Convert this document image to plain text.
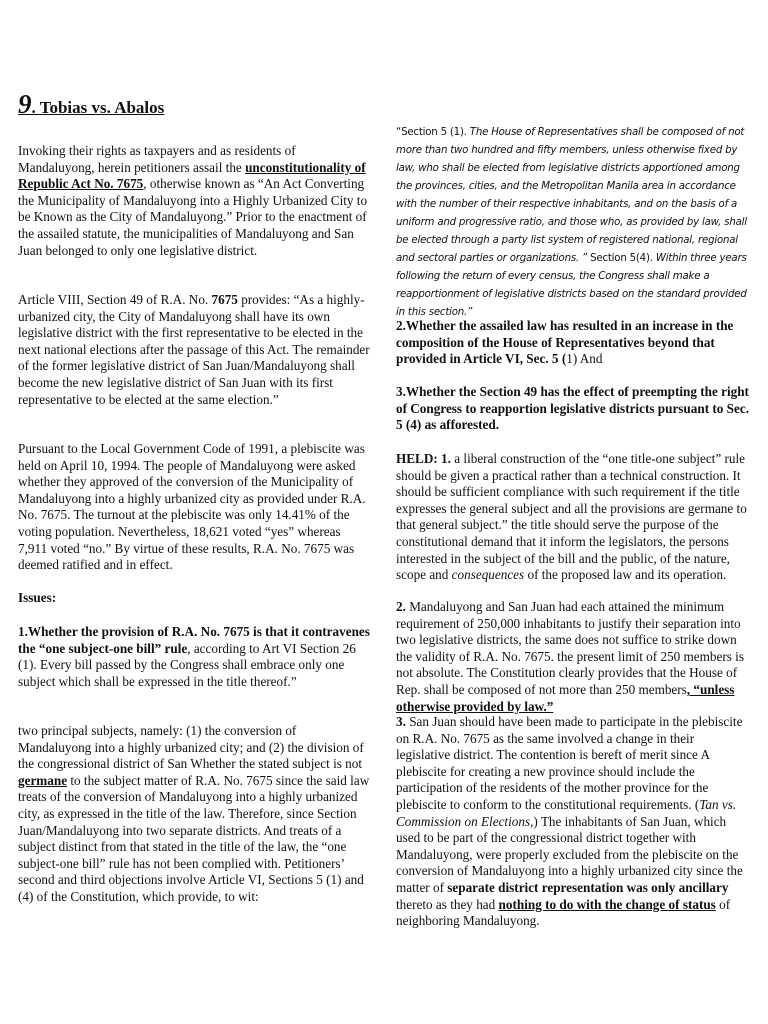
9. Tobias vs. Abalos

Invoking their rights as taxpayers and as residents of Mandaluyong, herein petitioners assail the unconstitutionality of Republic Act No. 7675, otherwise known as “An Act Converting the Municipality of Mandaluyong into a Highly Urbanized City to be Known as the City of Mandaluyong.” Prior to the enactment of the assailed statute, the municipalities of Mandaluyong and San Juan belonged to only one legislative district.

Article VIII, Section 49 of R.A. No. 7675 provides: “As a highly-urbanized city, the City of Mandaluyong shall have its own legislative district with the first representative to be elected in the next national elections after the passage of this Act. The remainder of the former legislative district of San Juan/Mandaluyong shall become the new legislative district of San Juan with its first representative to be elected at the same election.”

Pursuant to the Local Government Code of 1991, a plebiscite was held on April 10, 1994. The people of Mandaluyong were asked whether they approved of the conversion of the Municipality of Mandaluyong into a highly urbanized city as provided under R.A. No. 7675. The turnout at the plebiscite was only 14.41% of the voting population. Nevertheless, 18,621 voted “yes” whereas 7,911 voted “no.” By virtue of these results, R.A. No. 7675 was deemed ratified and in effect.

Issues:

1.Whether the provision of R.A. No. 7675 is that it contravenes the “one subject-one bill” rule, according to Art VI Section 26 (1). Every bill passed by the Congress shall embrace only one subject which shall be expressed in the title thereof.”

two principal subjects, namely: (1) the conversion of Mandaluyong into a highly urbanized city; and (2) the division of the congressional district of San Whether the stated subject is not germane to the subject matter of R.A. No. 7675 since the said law treats of the conversion of Mandaluyong into a highly urbanized city, as expressed in the title of the law. Therefore, since Section Juan/Mandaluyong into two separate districts. And treats of a subject distinct from that stated in the title of the law, the “one subject-one bill” rule has not been complied with. Petitioners’ second and third objections involve Article VI, Sections 5 (1) and (4) of the Constitution, which provide, to wit:

“Section 5 (1). The House of Representatives shall be composed of not more than two hundred and fifty members, unless otherwise fixed by law, who shall be elected from legislative districts apportioned among the provinces, cities, and the Metropolitan Manila area in accordance with the number of their respective inhabitants, and on the basis of a uniform and progressive ratio, and those who, as provided by law, shall be elected through a party list system of registered national, regional and sectoral parties or organizations. ” Section 5(4). Within three years following the return of every census, the Congress shall make a reapportionment of legislative districts based on the standard provided in this section.”

2.Whether the assailed law has resulted in an increase in the composition of the House of Representatives beyond that provided in Article VI, Sec. 5 (1) And

3.Whether the Section 49 has the effect of preempting the right of Congress to reapportion legislative districts pursuant to Sec. 5 (4) as afforested.

HELD: 1. a liberal construction of the “one title-one subject” rule should be given a practical rather than a technical construction. It should be sufficient compliance with such requirement if the title expresses the general subject and all the provisions are germane to that general subject.” the title should serve the purpose of the constitutional demand that it inform the legislators, the persons interested in the subject of the bill and the public, of the nature, scope and consequences of the proposed law and its operation.

2. Mandaluyong and San Juan had each attained the minimum requirement of 250,000 inhabitants to justify their separation into two legislative districts, the same does not suffice to strike down the validity of R.A. No. 7675. the present limit of 250 members is not absolute. The Constitution clearly provides that the House of Rep. shall be composed of not more than 250 members, “unless otherwise provided by law.”

3. San Juan should have been made to participate in the plebiscite on R.A. No. 7675 as the same involved a change in their legislative district. The contention is bereft of merit since A plebiscite for creating a new province should include the participation of the residents of the mother province for the plebiscite to conform to the constitutional requirements. (Tan vs. Commission on Elections,) The inhabitants of San Juan, which used to be part of the congressional district together with Mandaluyong, were properly excluded from the plebiscite on the conversion of Mandaluyong into a highly urbanized city since the matter of separate district representation was only ancillary thereto as they had nothing to do with the change of status of neighboring Mandaluyong.
